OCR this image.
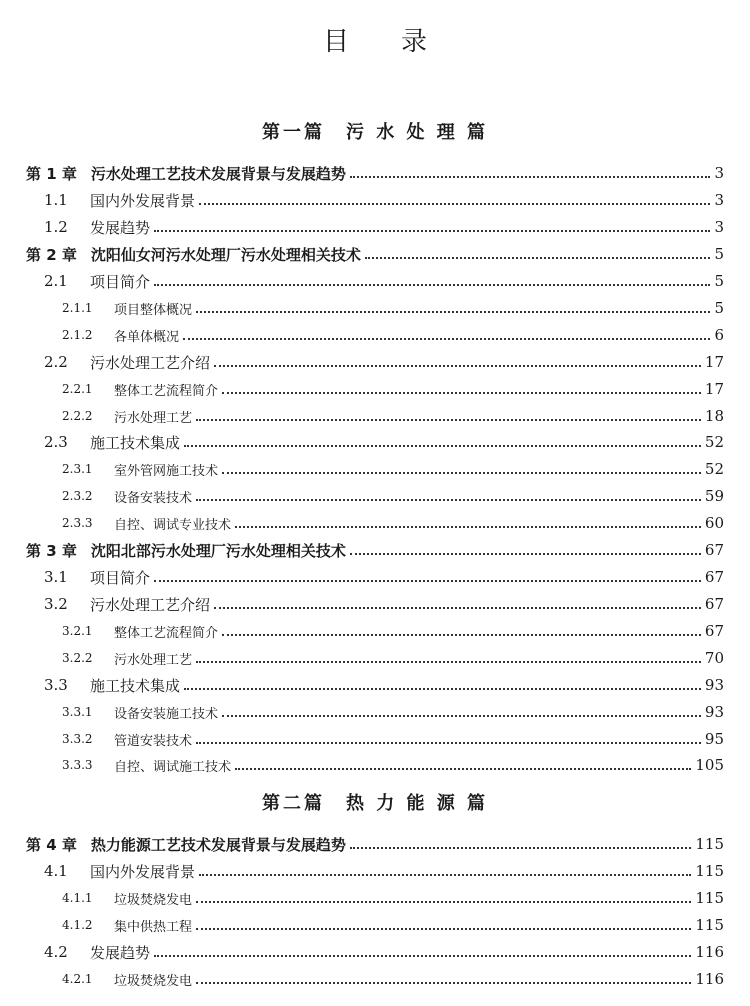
目 录
第一篇　污 水 处 理 篇
第二篇　热 力 能 源 篇
第 1 章 污水处理工艺技术发展背景与发展趋势	3
1.1	国内外发展背景	3
1.2	发展趋势	3
第 2 章 沈阳仙女河污水处理厂污水处理相关技术	5
2.1	项目简介	5
2.1.1	项目整体概况	5
2.1.2	各单体概况	6
2.2	污水处理工艺介绍	17
2.2.1	整体工艺流程简介	17
2.2.2	污水处理工艺	18
2.3	施工技术集成	52
2.3.1	室外管网施工技术	52
2.3.2	设备安装技术	59
2.3.3	自控、调试专业技术	60
第 3 章 沈阳北部污水处理厂污水处理相关技术	67
3.1	项目简介	67
3.2	污水处理工艺介绍	67
3.2.1	整体工艺流程简介	67
3.2.2	污水处理工艺	70
3.3	施工技术集成	93
3.3.1	设备安装施工技术	93
3.3.2	管道安装技术	95
3.3.3	自控、调试施工技术	105
第 4 章 热力能源工艺技术发展背景与发展趋势	115
4.1	国内外发展背景	115
4.1.1	垃圾焚烧发电	115
4.1.2	集中供热工程	115
4.2	发展趋势	116
4.2.1	垃圾焚烧发电	116
